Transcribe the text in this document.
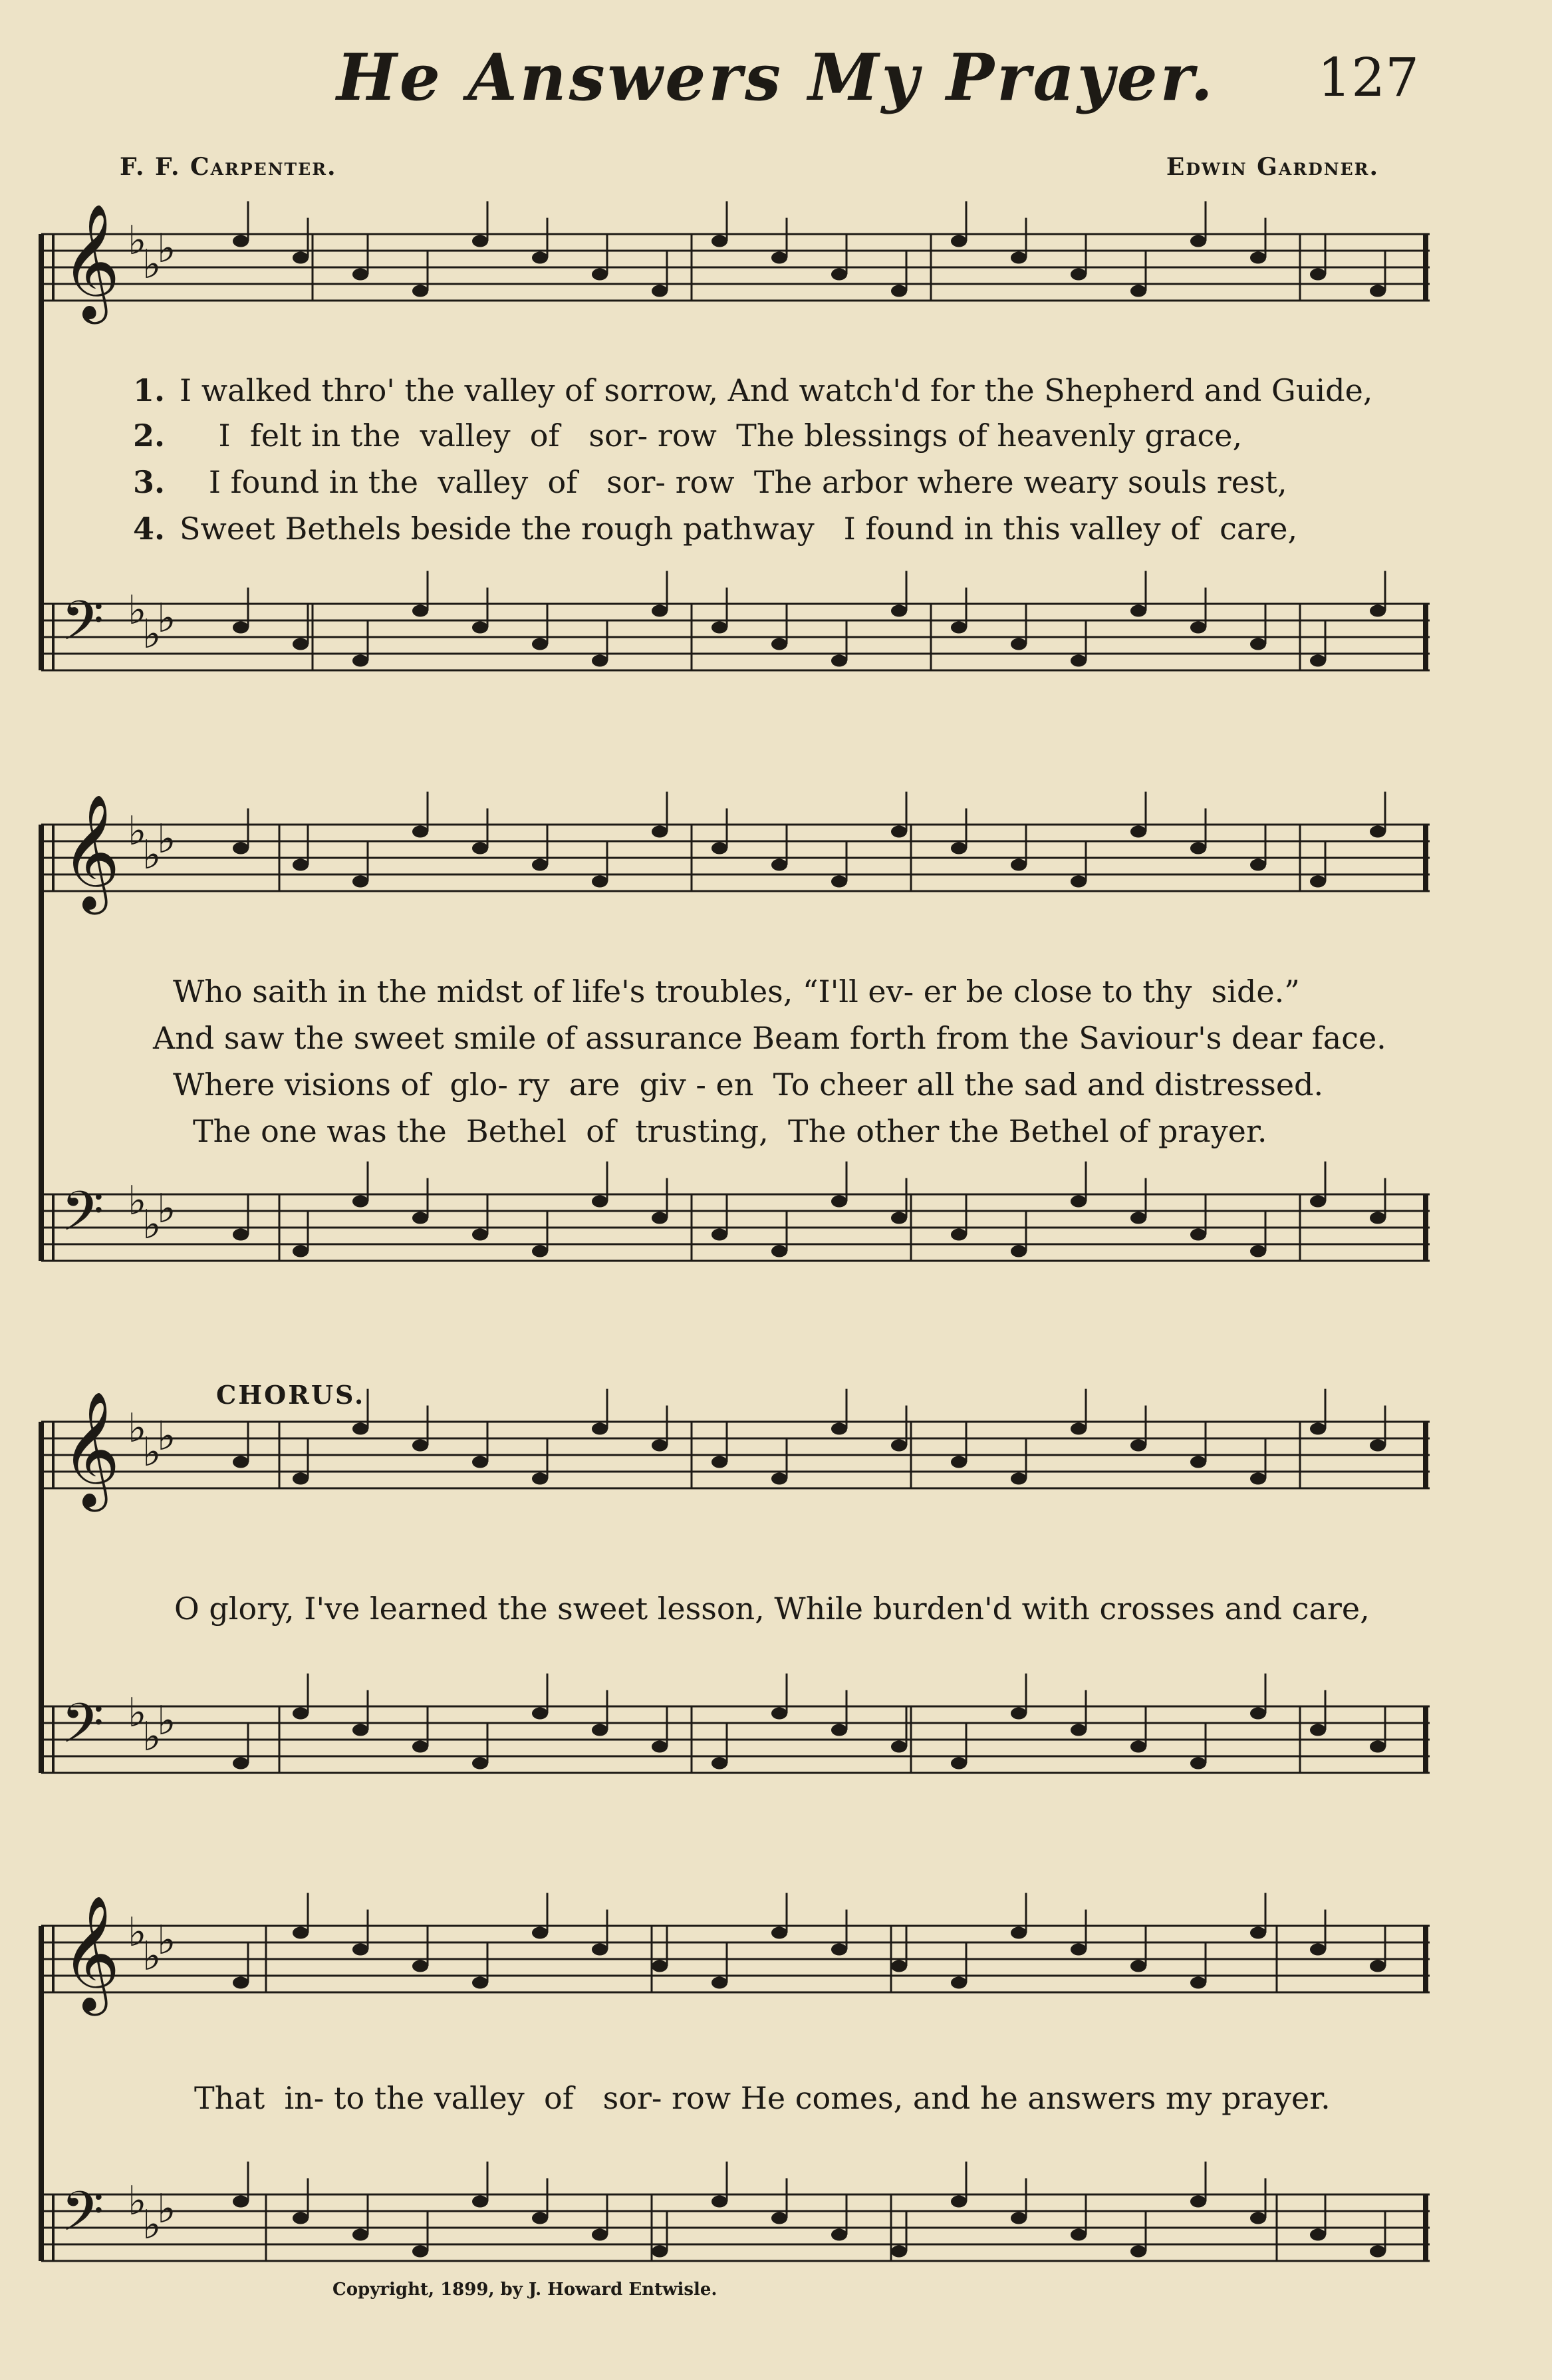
He Answers My Prayer.	127
F. F. Carpenter.	Edwin Gardner.
𝄞 ♭
♭
♭
𝄢 ♭
♭
♭
𝄞 ♭
♭
♭
𝄢 ♭
♭
♭
𝄞 ♭
♭
♭
𝄢 ♭
♭
♭
𝄞 ♭
♭
♭
𝄢 ♭
♭
♭
1. I walked thro' the valley of sorrow, And watch'd for the Shepherd and Guide,
2.    I  felt in the  valley  of   sor- row  The blessings of heavenly grace,
3.   I found in the  valley  of   sor- row  The arbor where weary souls rest,
4. Sweet Bethels beside the rough pathway   I found in this valley of  care,
Who saith in the midst of life's troubles, “I'll ev- er be close to thy  side.”
And saw the sweet smile of assurance Beam forth from the Saviour's dear face.
Where visions of  glo- ry  are  giv - en  To cheer all the sad and distressed.
The one was the  Bethel  of  trusting,  The other the Bethel of prayer.
CHORUS.
O glory, I've learned the sweet lesson, While burden'd with crosses and care,
That  in- to the valley  of   sor- row He comes, and he answers my prayer.
Copyright, 1899, by J. Howard Entwisle.
